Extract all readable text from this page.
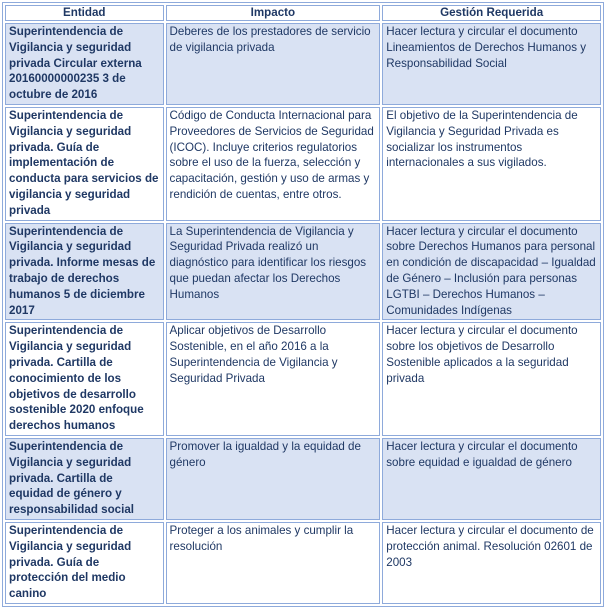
Entidad	Impacto	Gestión Requerida
Superintendencia de Vigilancia y seguridad privada Circular externa 20160000000235 3 de octubre de 2016	Deberes de los prestadores de servicio de vigilancia privada	Hacer lectura y circular el documento Lineamientos de Derechos Humanos y Responsabilidad Social
Superintendencia de Vigilancia y seguridad privada. Guía de implementación de conducta para servicios de vigilancia y seguridad privada	Código de Conducta Internacional para Proveedores de Servicios de Seguridad (ICOC). Incluye criterios regulatorios sobre el uso de la fuerza, selección y capacitación, gestión y uso de armas y rendición de cuentas, entre otros.	El objetivo de la Superintendencia de Vigilancia y Seguridad Privada es socializar los instrumentos internacionales a sus vigilados.
Superintendencia de Vigilancia y seguridad privada. Informe mesas de trabajo de derechos humanos 5 de diciembre 2017	La Superintendencia de Vigilancia y Seguridad Privada realizó un diagnóstico para identificar los riesgos que puedan afectar los Derechos Humanos	Hacer lectura y circular el documento sobre Derechos Humanos para personal en condición de discapacidad – Igualdad de Género – Inclusión para personas LGTBI – Derechos Humanos – Comunidades Indígenas
Superintendencia de Vigilancia y seguridad privada. Cartilla de conocimiento de los objetivos de desarrollo sostenible 2020 enfoque derechos humanos	Aplicar objetivos de Desarrollo Sostenible, en el año 2016 a la Superintendencia de Vigilancia y Seguridad Privada	Hacer lectura y circular el documento sobre los objetivos de Desarrollo Sostenible aplicados a la seguridad privada
Superintendencia de Vigilancia y seguridad privada. Cartilla de equidad de género y responsabilidad social	Promover la igualdad y la equidad de género	Hacer lectura y circular el documento sobre equidad e igualdad de género
Superintendencia de Vigilancia y seguridad privada. Guía de protección del medio canino	Proteger a los animales y cumplir la resolución	Hacer lectura y circular el documento de protección animal. Resolución 02601 de 2003
